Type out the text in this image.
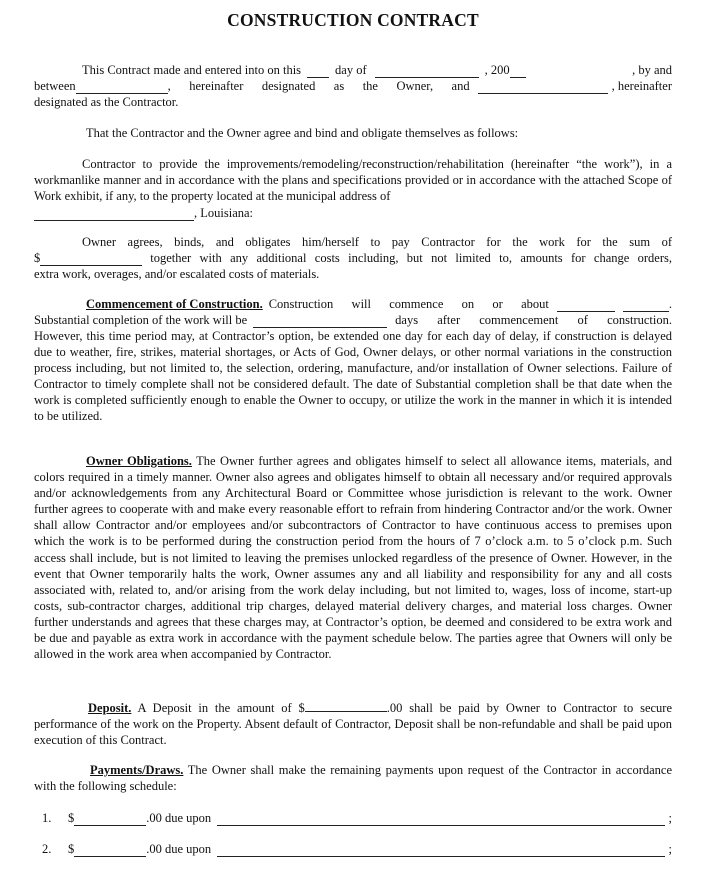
CONSTRUCTION CONTRACT
This Contract made and entered into on this	day of	, 200	, by and
between	, hereinafter designated as the Owner, and	, hereinafter
designated as the Contractor.
That the Contractor and the Owner agree and bind and obligate themselves as follows:

Contractor to provide the improvements/remodeling/reconstruction/rehabilitation (hereinafter “the work”), in a workmanlike manner and in accordance with the plans and specifications provided or in accordance with the attached Scope of Work exhibit, if any, to the property located at the municipal address of

, Louisiana:
Owner agrees, binds, and obligates him/herself to pay Contractor for the work for the sum of
$	together with any additional costs including, but not limited to, amounts for change orders,
extra work, overages, and/or escalated costs of materials.
Commencement of Construction. Construction will commence on or about	.
Substantial completion of the work will be	days after commencement of construction.

However, this time period may, at Contractor’s option, be extended one day for each day of delay, if construction is delayed due to weather, fire, strikes, material shortages, or Acts of God, Owner delays, or other normal variations in the construction process including, but not limited to, the selection, ordering, manufacture, and/or installation of Owner selections. Failure of Contractor to timely complete shall not be considered default. The date of Substantial completion shall be that date when the work is completed sufficiently enough to enable the Owner to occupy, or utilize the work in the manner in which it is intended to be utilized.

Owner Obligations. The Owner further agrees and obligates himself to select all allowance items, materials, and colors required in a timely manner. Owner also agrees and obligates himself to obtain all necessary and/or required approvals and/or acknowledgements from any Architectural Board or Committee whose jurisdiction is relevant to the work. Owner further agrees to cooperate with and make every reasonable effort to refrain from hindering Contractor and/or the work. Owner shall allow Contractor and/or employees and/or subcontractors of Contractor to have continuous access to premises upon which the work is to be performed during the construction period from the hours of 7 o’clock a.m. to 5 o’clock p.m. Such access shall include, but is not limited to leaving the premises unlocked regardless of the presence of Owner. However, in the event that Owner temporarily halts the work, Owner assumes any and all liability and responsibility for any and all costs associated with, related to, and/or arising from the work delay including, but not limited to, wages, loss of income, start-up costs, sub-contractor charges, additional trip charges, delayed material delivery charges, and material loss charges. Owner further understands and agrees that these charges may, at Contractor’s option, be deemed and considered to be extra work and be due and payable as extra work in accordance with the payment schedule below. The parties agree that Owners will only be allowed in the work area when accompanied by Contractor.

Deposit. A Deposit in the amount of $	.00 shall be paid by Owner to Contractor to secure performance of the work on the Property. Absent default of Contractor, Deposit shall be non-refundable and shall be paid upon execution of this Contract.

Payments/Draws. The Owner shall make the remaining payments upon request of the Contractor in accordance with the following schedule:

1.	$	.00 due upon	;
2.	$	.00 due upon	;
